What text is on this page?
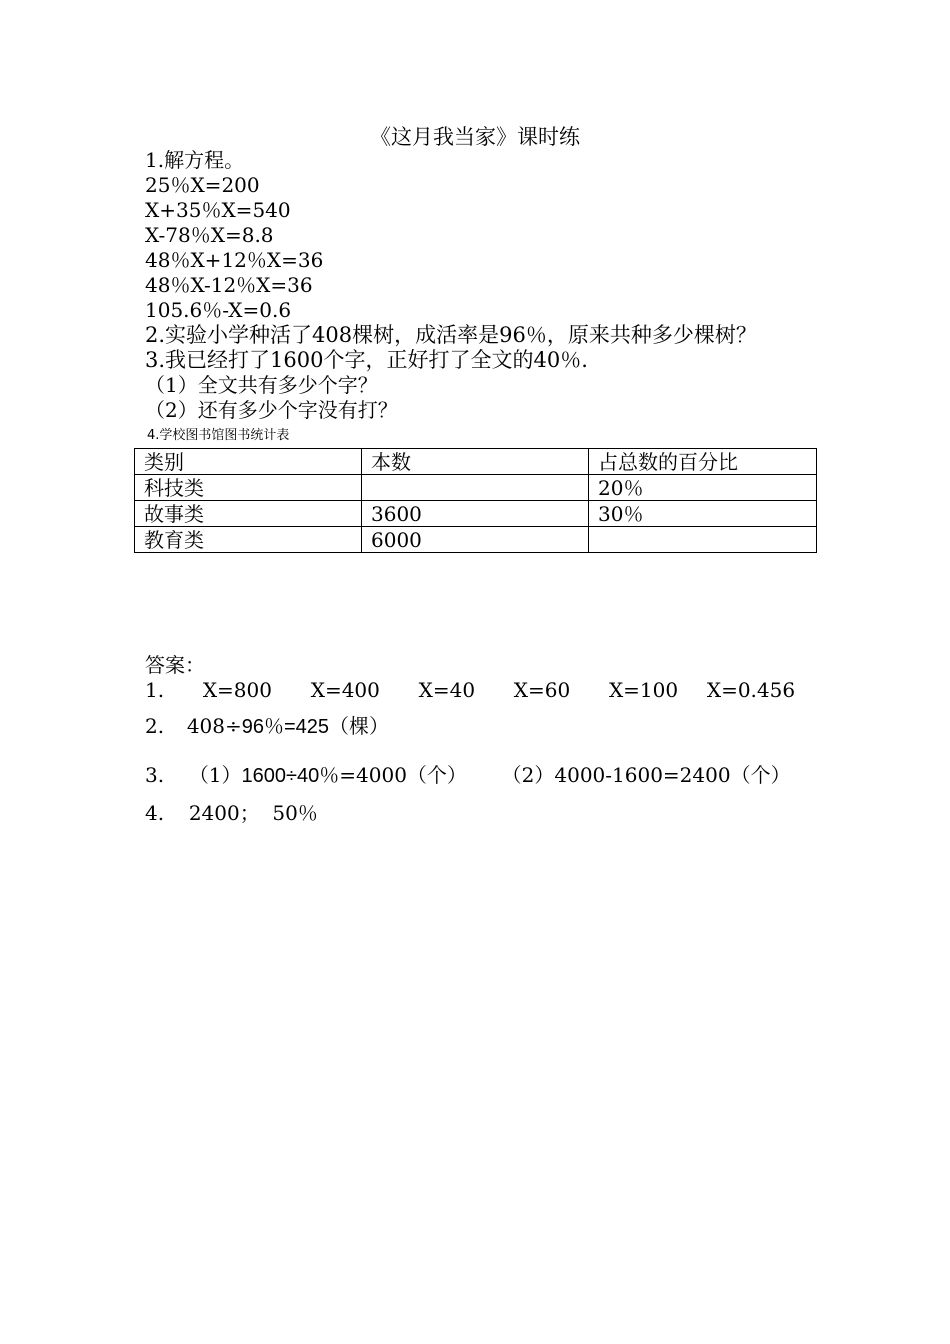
《这月我当家》课时练
1.解方程。
25％X=200
X+35％X=540
X-78％X=8.8
48％X+12％X=36
48％X-12％X=36
105.6％-X=0.6
2.实验小学种活了408棵树，成活率是96％，原来共种多少棵树？
3.我已经打了1600个字，正好打了全文的40％.
（1）全文共有多少个字？
（2）还有多少个字没有打？
4.学校图书馆图书统计表
类别	本数	占总数的百分比
科技类		20％
故事类	3600	30％
教育类	6000	
答案：
1. X=800 X=400 X=40 X=60 X=100 X=0.456
2. 408÷96％=425（棵）
3. （1）1600÷40％=4000（个） （2）4000-1600=2400（个）
4. 2400；  50％
